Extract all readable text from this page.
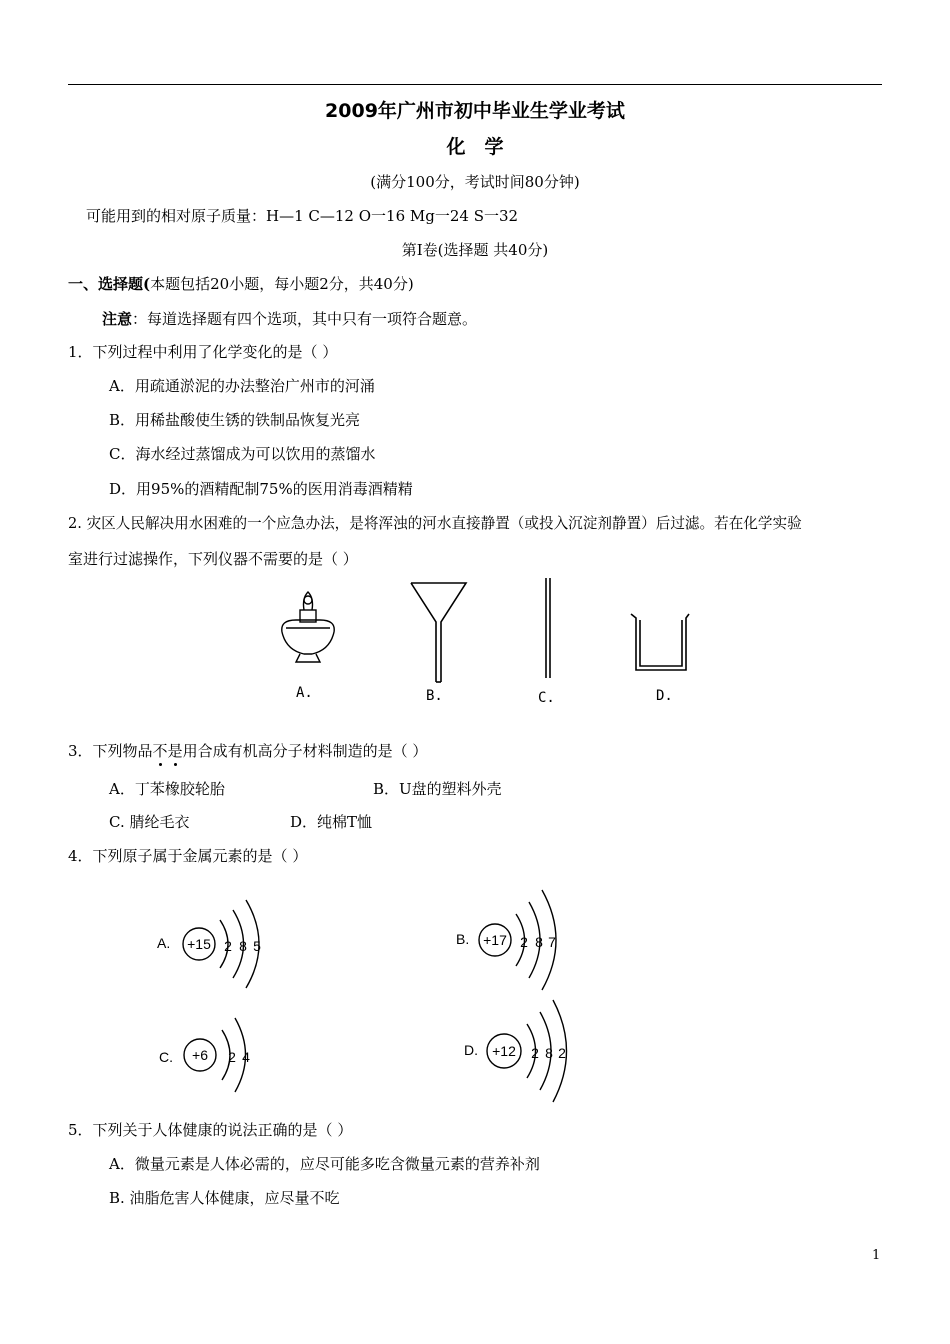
2009年广州市初中毕业生学业考试
化　学
(满分100分，考试时间80分钟)
可能用到的相对原子质量：H—1 C—12 O一16 Mg一24 S一32
第Ⅰ卷(选择题 共40分)
一、选择题(本题包括20小题，每小题2分，共40分)
注意：每道选择题有四个选项，其中只有一项符合题意。
1．下列过程中利用了化学变化的是（ ）
A．用疏通淤泥的办法整治广州市的河涌
B．用稀盐酸使生锈的铁制品恢复光亮
C．海水经过蒸馏成为可以饮用的蒸馏水
D．用95%的酒精配制75%的医用消毒酒精精
2. 灾区人民解决用水困难的一个应急办法，是将浑浊的河水直接静置（或投入沉淀剂静置）后过滤。若在化学实验
室进行过滤操作，下列仪器不需要的是（ ）
A.	B.	C.	D.
3．下列物品不是用合成有机高分子材料制造的是（ ）
A．丁苯橡胶轮胎	B．U盘的塑料外壳
C. 腈纶毛衣	D．纯棉T恤
4．下列原子属于金属元素的是（ ）
A. +15 2 8 5	B. +17 2 8 7
C. +6 2 4	D. +12 2 8 2
5．下列关于人体健康的说法正确的是（ ）
A．微量元素是人体必需的，应尽可能多吃含微量元素的营养补剂
B. 油脂危害人体健康，应尽量不吃
1
